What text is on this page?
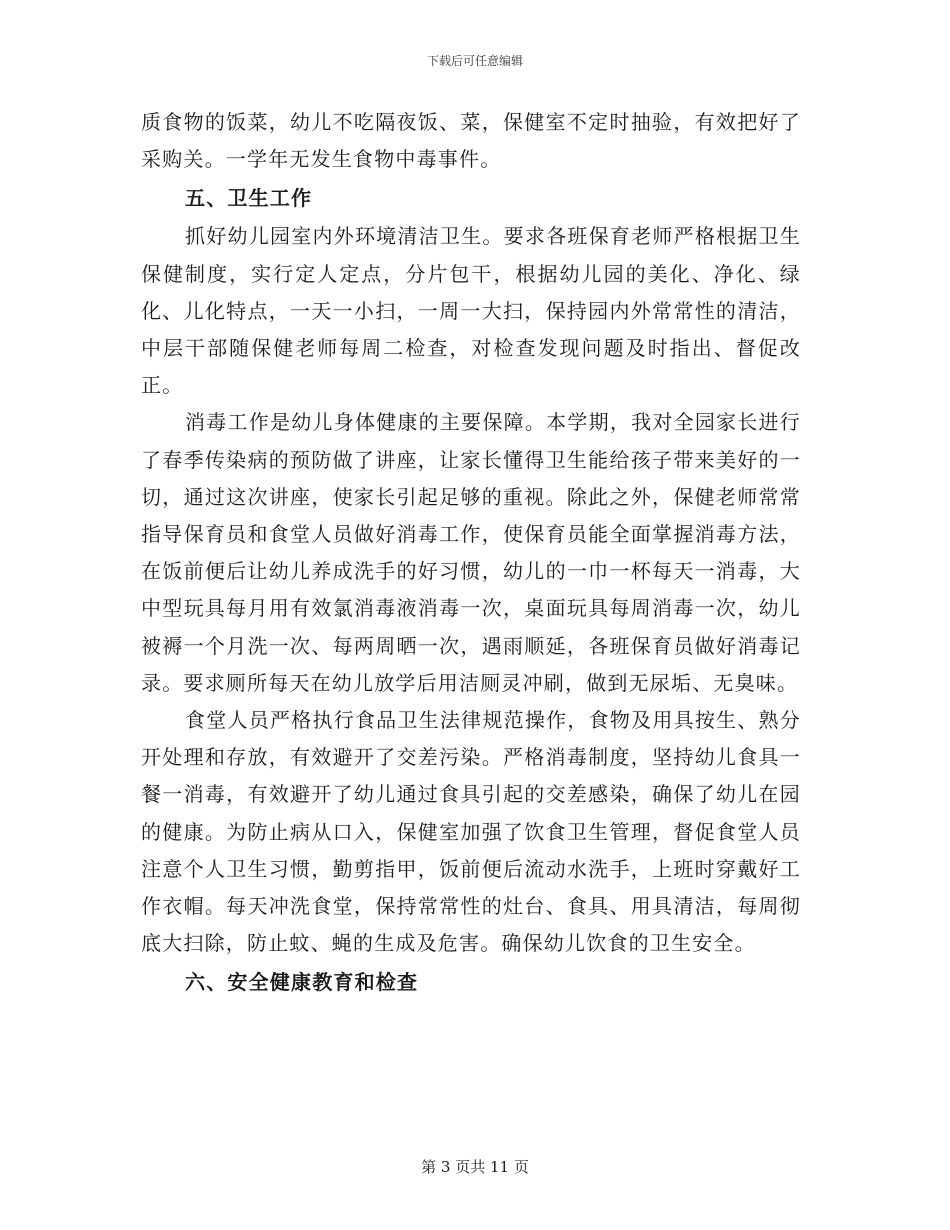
下载后可任意编辑

质食物的饭菜，幼儿不吃隔夜饭、菜，保健室不定时抽验，有效把好了采购关。一学年无发生食物中毒事件。

五、卫生工作

抓好幼儿园室内外环境清洁卫生。要求各班保育老师严格根据卫生保健制度，实行定人定点，分片包干，根据幼儿园的美化、净化、绿化、儿化特点，一天一小扫，一周一大扫，保持园内外常常性的清洁，中层干部随保健老师每周二检查，对检查发现问题及时指出、督促改正。

消毒工作是幼儿身体健康的主要保障。本学期，我对全园家长进行了春季传染病的预防做了讲座，让家长懂得卫生能给孩子带来美好的一切，通过这次讲座，使家长引起足够的重视。除此之外，保健老师常常指导保育员和食堂人员做好消毒工作，使保育员能全面掌握消毒方法，在饭前便后让幼儿养成洗手的好习惯，幼儿的一巾一杯每天一消毒，大中型玩具每月用有效氯消毒液消毒一次，桌面玩具每周消毒一次，幼儿被褥一个月洗一次、每两周晒一次，遇雨顺延，各班保育员做好消毒记录。要求厕所每天在幼儿放学后用洁厕灵冲刷，做到无尿垢、无臭味。

食堂人员严格执行食品卫生法律规范操作，食物及用具按生、熟分开处理和存放，有效避开了交差污染。严格消毒制度，坚持幼儿食具一餐一消毒，有效避开了幼儿通过食具引起的交差感染，确保了幼儿在园的健康。为防止病从口入，保健室加强了饮食卫生管理，督促食堂人员注意个人卫生习惯，勤剪指甲，饭前便后流动水洗手，上班时穿戴好工作衣帽。每天冲洗食堂，保持常常性的灶台、食具、用具清洁，每周彻底大扫除，防止蚊、蝇的生成及危害。确保幼儿饮食的卫生安全。

六、安全健康教育和检查

第 3 页共 11 页
